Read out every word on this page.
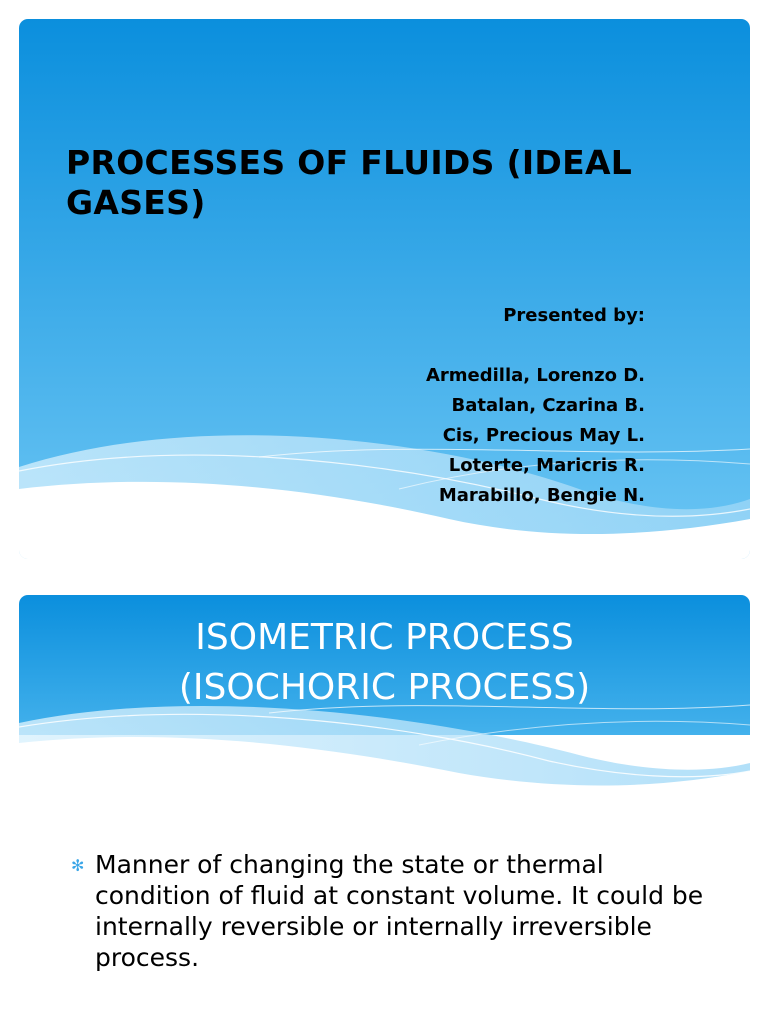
PROCESSES OF FLUIDS (IDEAL GASES)
Presented by:
Armedilla, Lorenzo D.
Batalan, Czarina B.
Cis, Precious May L.
Loterte, Maricris R.
Marabillo, Bengie N.
ISOMETRIC PROCESS
(ISOCHORIC PROCESS)
✻ Manner of changing the state or thermal condition of fluid at constant volume. It could be internally reversible or internally irreversible process.
